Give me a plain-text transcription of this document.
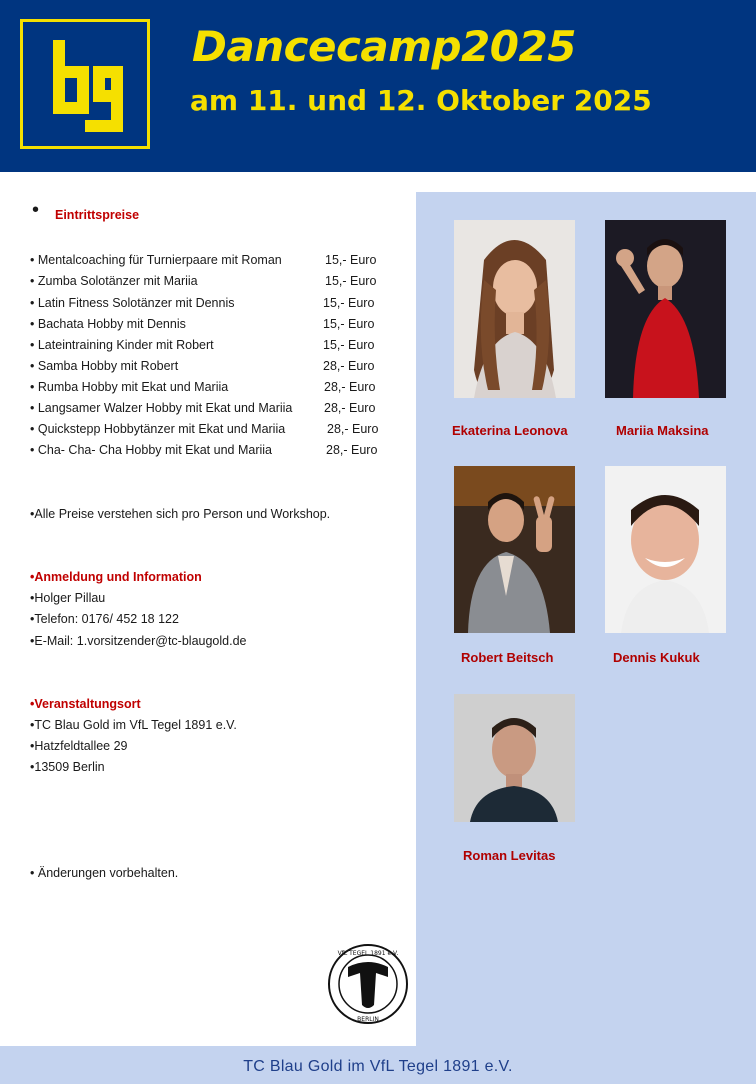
Dancecamp2025
am 11. und 12. Oktober 2025
• Eintrittspreise
• Mentalcoaching für Turnierpaare mit Roman	15,- Euro
• Zumba Solotänzer mit Mariia	15,- Euro
• Latin Fitness Solotänzer mit Dennis	15,- Euro
• Bachata Hobby mit Dennis	15,- Euro
• Lateintraining Kinder mit Robert	15,- Euro
• Samba Hobby mit Robert	28,- Euro
• Rumba Hobby mit Ekat und Mariia	28,- Euro
• Langsamer Walzer Hobby mit Ekat und Mariia	28,- Euro
• Quickstepp Hobbytänzer mit Ekat und Mariia	28,- Euro
• Cha- Cha- Cha Hobby mit Ekat und Mariia	28,- Euro
•Alle Preise verstehen sich pro Person und Workshop.
•Anmeldung und Information
•Holger Pillau
•Telefon: 0176/ 452 18 122
•E-Mail: 1.vorsitzender@tc-blaugold.de
•Veranstaltungsort
•TC Blau Gold im VfL Tegel 1891 e.V.
•Hatzfeldtallee 29
•13509 Berlin
• Änderungen vorbehalten.
Ekaterina Leonova	Mariia Maksina
Robert Beitsch	Dennis Kukuk
Roman Levitas
VfL TEGEL 1891 e.V.
BERLIN
TC Blau Gold im VfL Tegel 1891 e.V.
